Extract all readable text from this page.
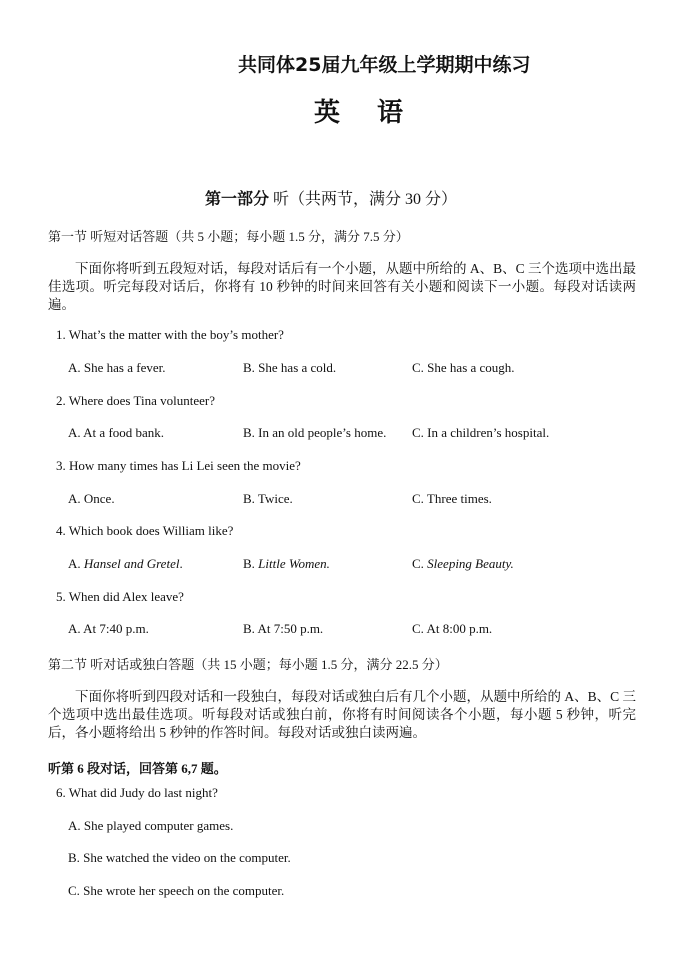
共同体25届九年级上学期期中练习
英 语
第一部分 听（共两节，满分 30 分）
第一节 听短对话答题（共 5 小题；每小题 1.5 分，满分 7.5 分）
下面你将听到五段短对话，每段对话后有一个小题，从题中所给的 A、B、C 三个选项中选出最佳选项。听完每段对话后，你将有 10 秒钟的时间来回答有关小题和阅读下一小题。每段对话读两遍。
1. What’s the matter with the boy’s mother?
A. She has a fever.	B. She has a cold.	C. She has a cough.
2. Where does Tina volunteer?
A. At a food bank.	B. In an old people’s home. C. In a children’s hospital.
3. How many times has Li Lei seen the movie?
A. Once.	B. Twice.	C. Three times.
4. Which book does William like?
A. Hansel and Gretel.	B. Little Women.	C. Sleeping Beauty.
5. When did Alex leave?
A. At 7:40 p.m.	B. At 7:50 p.m.	C. At 8:00 p.m.
第二节 听对话或独白答题（共 15 小题；每小题 1.5 分，满分 22.5 分）
下面你将听到四段对话和一段独白，每段对话或独白后有几个小题，从题中所给的 A、B、C 三个选项中选出最佳选项。听每段对话或独白前，你将有时间阅读各个小题，每小题 5 秒钟，听完后，各小题将给出 5 秒钟的作答时间。每段对话或独白读两遍。
听第 6 段对话，回答第 6,7 题。
6. What did Judy do last night?
A. She played computer games.
B. She watched the video on the computer.
C. She wrote her speech on the computer.
